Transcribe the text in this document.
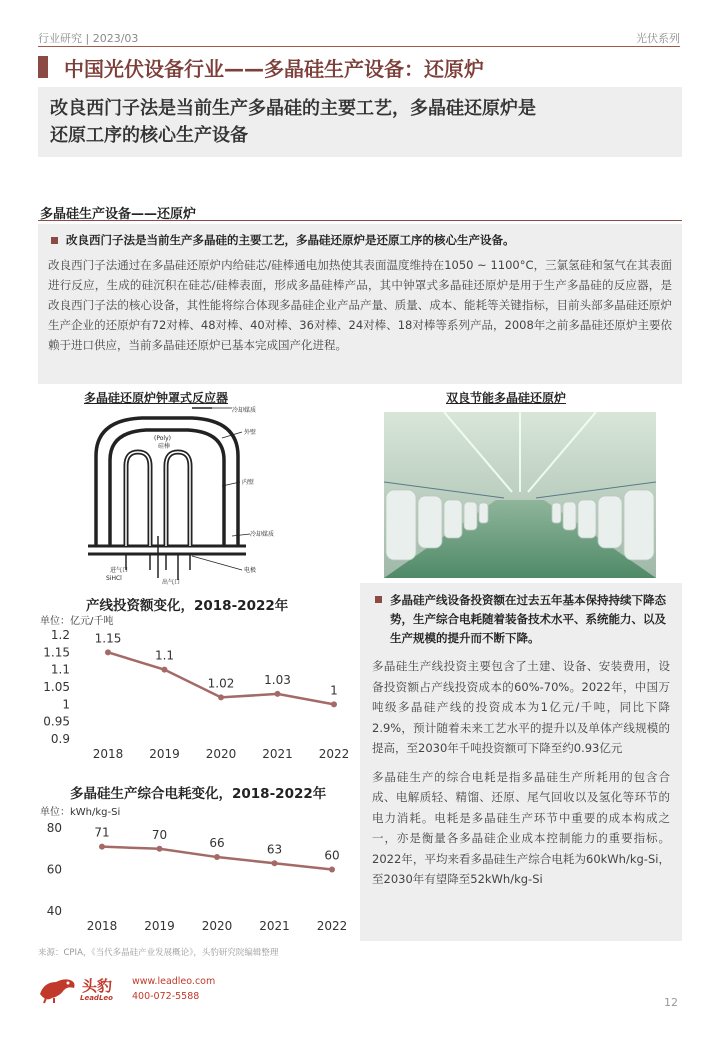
行业研究 | 2023/03	光伏系列
中国光伏设备行业——多晶硅生产设备：还原炉
改良西门子法是当前生产多晶硅的主要工艺，多晶硅还原炉是
还原工序的核心生产设备
多晶硅生产设备——还原炉
改良西门子法是当前生产多晶硅的主要工艺，多晶硅还原炉是还原工序的核心生产设备。
改良西门子法通过在多晶硅还原炉内给硅芯/硅棒通电加热使其表面温度维持在1050 ~ 1100°C，三氯氢硅和氢气在其表面进行反应，生成的硅沉积在硅芯/硅棒表面，形成多晶硅棒产品，其中钟罩式多晶硅还原炉是用于生产多晶硅的反应器，是改良西门子法的核心设备，其性能将综合体现多晶硅企业产品产量、质量、成本、能耗等关键指标，目前头部多晶硅还原炉生产企业的还原炉有72对棒、48对棒、40对棒、36对棒、24对棒、18对棒等系列产品，2008年之前多晶硅还原炉主要依赖于进口供应，当前多晶硅还原炉已基本完成国产化进程。
多晶硅还原炉钟罩式反应器	双良节能多晶硅还原炉
冷却媒质
(Poly)
硅棒
外壁
内壁
冷却媒质
电极
进气口
SiHCl
出气口
产线投资额变化，2018-2022年
单位：亿元/千吨
1.2
1.15
1.1
1.05
1
0.95
0.9
1.15
2018
1.1
2019
1.02
2020
1.03
2021
1
2022
多晶硅生产综合电耗变化，2018-2022年
单位：kWh/kg-Si
80
60
40
71
2018
70
2019
66
2020
63
2021
60
2022
多晶硅产线设备投资额在过去五年基本保持持续下降态势，生产综合电耗随着装备技术水平、系统能力、以及生产规模的提升而不断下降。
多晶硅生产线投资主要包含了土建、设备、安装费用，设备投资额占产线投资成本的60%-70%。2022年，中国万吨级多晶硅产线的投资成本为1亿元/千吨，同比下降2.9%，预计随着未来工艺水平的提升以及单体产线规模的提高，至2030年千吨投资额可下降至约0.93亿元
多晶硅生产的综合电耗是指多晶硅生产所耗用的包含合成、电解质轻、精馏、还原、尾气回收以及氢化等环节的电力消耗。电耗是多晶硅生产环节中重要的成本构成之一，亦是衡量各多晶硅企业成本控制能力的重要指标。2022年，平均来看多晶硅生产综合电耗为60kWh/kg-Si，至2030年有望降至52kWh/kg-Si
来源：CPIA，《当代多晶硅产业发展概论》，头豹研究院编辑整理
头豹
LeadLeo
www.leadleo.com
400-072-5588	12
